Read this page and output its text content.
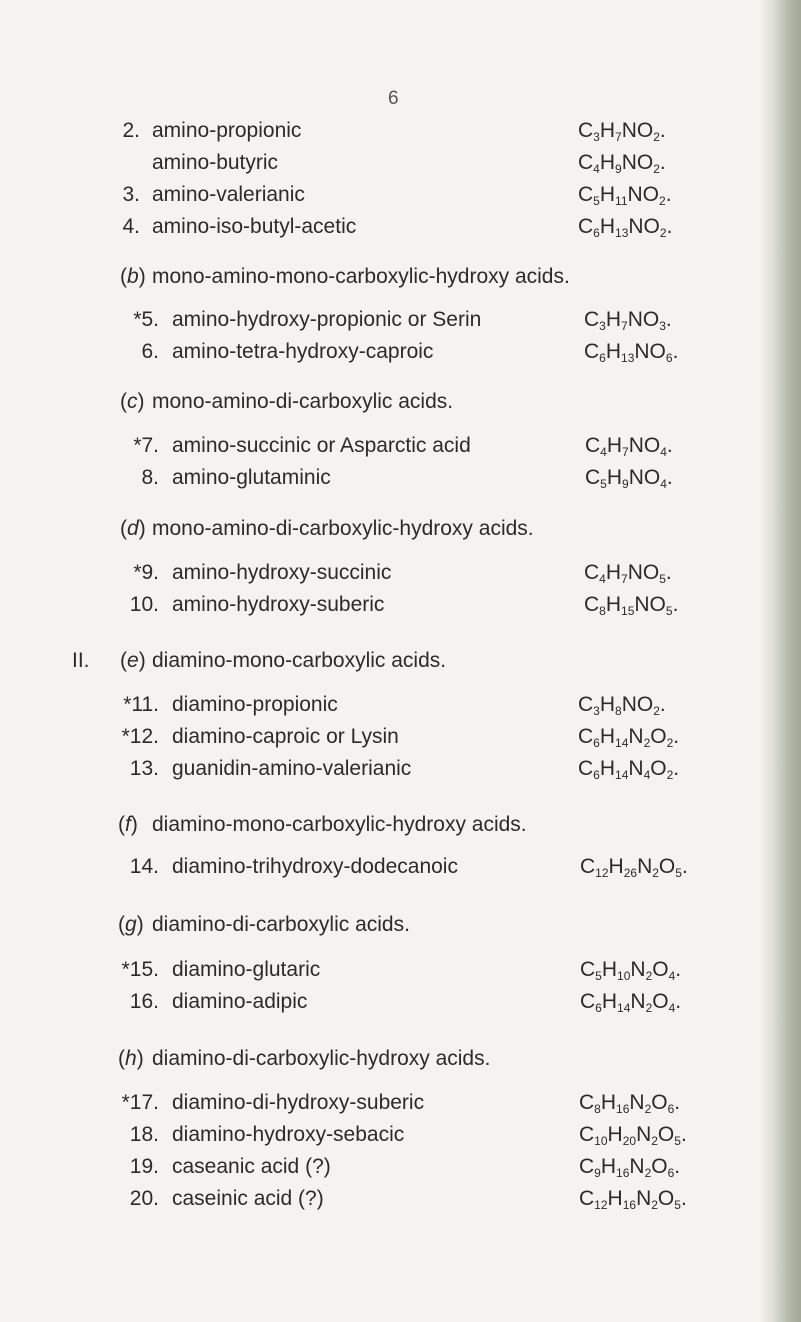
6
2. amino-propionic	$C_3H_7NO_2$.
amino-butyric	$C_4H_9NO_2$.
3. amino-valerianic	$C_5H_{11}NO_2$.
4. amino-iso-butyl-acetic	$C_6H_{13}NO_2$.
(b) mono-amino-mono-carboxylic-hydroxy acids.
*5. amino-hydroxy-propionic or Serin	$C_3H_7NO_3$.
6. amino-tetra-hydroxy-caproic	$C_6H_{13}NO_6$.
(c) mono-amino-di-carboxylic acids.
*7. amino-succinic or Asparctic acid	$C_4H_7NO_4$.
8. amino-glutaminic	$C_5H_9NO_4$.
(d) mono-amino-di-carboxylic-hydroxy acids.
*9. amino-hydroxy-succinic	$C_4H_7NO_5$.
10. amino-hydroxy-suberic	$C_8H_{15}NO_5$.
II. (e) diamino-mono-carboxylic acids.
*11. diamino-propionic	$C_3H_8NO_2$.
*12. diamino-caproic or Lysin	$C_6H_{14}N_2O_2$.
13. guanidin-amino-valerianic	$C_6H_{14}N_4O_2$.
(f) diamino-mono-carboxylic-hydroxy acids.
14. diamino-trihydroxy-dodecanoic	$C_{12}H_{26}N_2O_5$.
(g) diamino-di-carboxylic acids.
*15. diamino-glutaric	$C_5H_{10}N_2O_4$.
16. diamino-adipic	$C_6H_{14}N_2O_4$.
(h) diamino-di-carboxylic-hydroxy acids.
*17. diamino-di-hydroxy-suberic	$C_8H_{16}N_2O_6$.
18. diamino-hydroxy-sebacic	$C_{10}H_{20}N_2O_5$.
19. caseanic acid (?)	$C_9H_{16}N_2O_6$.
20. caseinic acid (?)	$C_{12}H_{16}N_2O_5$.
